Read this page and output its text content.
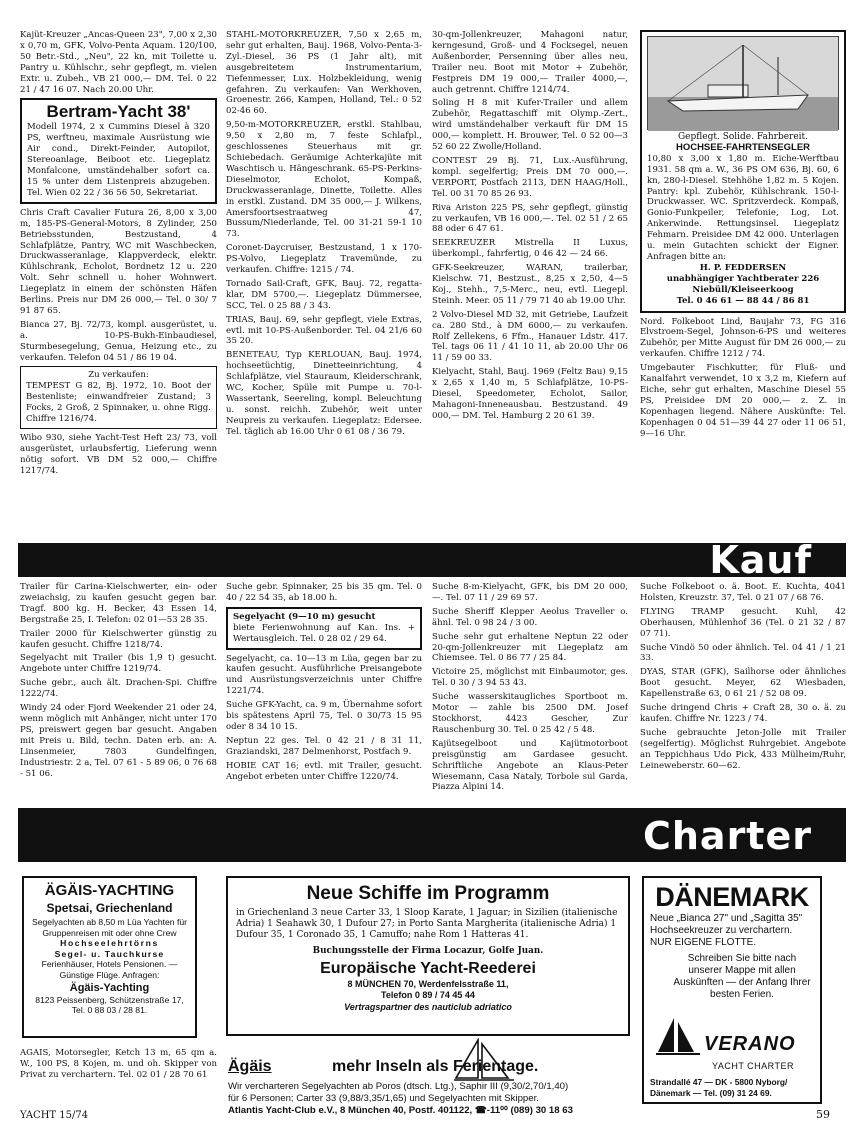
Kajüt-Kreuzer „Ancas-Queen 23", 7,00 x 2,30 x 0,70 m, GFK, Volvo-Penta Aquam. 120/100, 50 Betr.-Std., „Neu", 22 kn, mit Toilette u. Pantry u. Kühlschr., sehr gepflegt, m. vielen Extr. u. Zubeh., VB 21 000,— DM. Tel. 0 22 21 / 47 16 07. Nach 20.00 Uhr.

Bertram-Yacht 38'
Modell 1974, 2 x Cummins Diesel à 320 PS, werftneu, maximale Ausrüstung wie Air cond., Direkt-Feinder, Autopilot, Stereoanlage, Beiboot etc. Liegeplatz Monfalcone, umständehalber sofort ca. 15 % unter dem Listenpreis abzugeben. Tel. Wien 02 22 / 36 56 50, Sekretariat.

Chris Craft Cavalier Futura 26, 8,00 x 3,00 m, 185-PS-General-Motors, 8 Zylinder, 250 Betriebsstunden, Bestzustand, 4 Schlafplätze, Pantry, WC mit Waschbecken, Druckwasseranlage, Klappverdeck, elektr. Kühlschrank, Echolot, Bordnetz 12 u. 220 Volt. Sehr schnell u. hoher Wohnwert. Liegeplatz in einem der schönsten Häfen Berlins. Preis nur DM 26 000,— Tel. 0 30/ 7 91 87 65.

Bianca 27, Bj. 72/73, kompl. ausgerüstet, u. a. 10-PS-Bukh-Einbaudiesel, Sturmbesegelung, Genua, Heizung etc., zu verkaufen. Telefon 04 51 / 86 19 04.

Zu verkaufen:
TEMPEST G 82, Bj. 1972, 10. Boot der Bestenliste; einwandfreier Zustand; 3 Focks, 2 Groß, 2 Spinnaker, u. ohne Rigg. Chiffre 1216/74.

Wibo 930, siehe Yacht-Test Heft 23/ 73, voll ausgerüstet, urlaubsfertig, Lieferung wenn nötig sofort. VB DM 52 000,— Chiffre 1217/74.

STAHL-MOTORKREUZER, 7,50 x 2,65 m, sehr gut erhalten, Bauj. 1968, Volvo-Penta-3-Zyl.-Diesel, 36 PS (1 Jahr alt), mit ausgebreitetem Instrumentarium, Tiefenmesser, Lux. Holzbekleidung, wenig gefahren. Zu verkaufen: Van Werkhoven, Groenestr. 266, Kampen, Holland, Tel.: 0 52 02-46 60.

9,50-m-MOTORKREUZER, erstkl. Stahlbau, 9,50 x 2,80 m, 7 feste Schlafpl., geschlossenes Steuerhaus mit gr. Schiebedach. Geräumige Achterkajüte mit Waschtisch u. Hängeschrank. 65-PS-Perkins-Dieselmotor, Echolot, Kompaß, Druckwasseranlage, Dinette, Toilette. Alles in erstkl. Zustand. DM 35 000,— J. Wilkens, Amersfoortsestraatweg 47, Bussum/Niederlande, Tel. 00 31-21 59-1 10 73.

Coronet-Daycruiser, Bestzustand, 1 x 170-PS-Volvo, Liegeplatz Travemünde, zu verkaufen. Chiffre: 1215 / 74.

Tornado Sail-Craft, GFK, Bauj. 72, regatta-klar, DM 5700,—. Liegeplatz Dümmersee, SCC, Tel. 0 25 88 / 3 43.

TRIAS, Bauj. 69, sehr gepflegt, viele Extras, evtl. mit 10-PS-Außenborder. Tel. 04 21/6 60 35 20.

BENETEAU, Typ KERLOUAN, Bauj. 1974, hochseetüchtig, Dinetteeinrichtung, 4 Schlafplätze, viel Stauraum, Kleiderschrank, WC, Kocher, Spüle mit Pumpe u. 70-l-Wassertank, Seereling, kompl. Beleuchtung u. sonst. reichh. Zubehör, weit unter Neupreis zu verkaufen. Liegeplatz: Edersee. Tel. täglich ab 16.00 Uhr 0 61 08 / 36 79.

30-qm-Jollenkreuzer, Mahagoni natur, kerngesund, Groß- und 4 Focksegel, neuen Außenborder, Persenning über alles neu, Trailer neu. Boot mit Motor + Zubehör, Festpreis DM 19 000,— Trailer 4000,—, auch getrennt. Chiffre 1214/74.

Soling H 8 mit Kufer-Trailer und allem Zubehör, Regattaschiff mit Olymp.-Zert., wird umständehalber verkauft für DM 15 000,— komplett. H. Brouwer, Tel. 0 52 00—3 52 60 22 Zwolle/Holland.

CONTEST 29 Bj. 71, Lux.-Ausführung, kompl. segelfertig; Preis DM 70 000,—. VERPORT, Postfach 2113, DEN HAAG/Holl., Tel. 00 31 70 85 26 93.

Riva Ariston 225 PS, sehr gepflegt, günstig zu verkaufen, VB 16 000,—. Tel. 02 51 / 2 65 88 oder 6 47 61.

SEEKREUZER Mistrella II Luxus, überkompl., fahrfertig, 0 46 42 — 24 66.

GFK-Seekreuzer, WARAN, trailerbar, Kielschw. 71, Bestzust., 8,25 x 2,50, 4—5 Koj., Stehh., 7,5-Merc., neu, evtl. Liegepl. Steinh. Meer. 05 11 / 79 71 40 ab 19.00 Uhr.

2 Volvo-Diesel MD 32, mit Getriebe, Laufzeit ca. 280 Std., à DM 6000,— zu verkaufen. Rolf Zellekens, 6 Ffm., Hanauer Ldstr. 417. Tel. tags 06 11 / 41 10 11, ab 20.00 Uhr 06 11 / 59 00 33.

Kielyacht, Stahl, Bauj. 1969 (Feltz Bau) 9,15 x 2,65 x 1,40 m, 5 Schlafplätze, 10-PS-Diesel, Speedometer, Echolot, Sailor, Mahagoni-Inneneausbau. Bestzustand. 49 000,— DM. Tel. Hamburg 2 20 61 39.

Gepflegt. Solide. Fahrbereit.
HOCHSEE-FAHRTENSEGLER
10,80 x 3,00 x 1,80 m. Eiche-Werftbau 1931. 58 qm a. W., 36 PS OM 636, Bj. 60, 6 kn, 280-l-Diesel. Stehhöhe 1,82 m. 5 Kojen. Pantry: kpl. Zubehör, Kühlschrank. 150-l-Druckwasser. WC. Spritzverdeck. Kompaß, Gonio-Funkpeiler, Telefonie, Log, Lot. Ankerwinde. Rettungsinsel. Liegeplatz Fehmarn. Preisidee DM 42 000. Unterlagen u. mein Gutachten schickt der Eigner. Anfragen bitte an:
H. P. FEDDERSEN
unabhängiger Yachtberater 226 Niebüll/Kleiseerkoog
Tel. 0 46 61 — 88 44 / 86 81

Nord. Folkeboot Lind, Baujahr 73, FG 316 Elvstroem-Segel, Johnson-6-PS und weiteres Zubehör, per Mitte August für DM 26 000,— zu verkaufen. Chiffre 1212 / 74.

Umgebauter Fischkutter, für Fluß- und Kanalfahrt verwendet, 10 x 3,2 m, Kiefern auf Eiche, sehr gut erhalten, Maschine Diesel 55 PS, Preisidee DM 20 000,— z. Z. in Kopenhagen liegend. Nähere Auskünfte: Tel. Kopenhagen 0 04 51—39 44 27 oder 11 06 51, 9—16 Uhr.

Kauf

Trailer für Carina-Kielschwerter, ein- oder zweiachsig, zu kaufen gesucht gegen bar. Tragf. 800 kg. H. Becker, 43 Essen 14, Bergstraße 25, I. Telefon: 02 01—53 28 35.

Trailer 2000 für Kielschwerter günstig zu kaufen gesucht. Chiffre 1218/74.

Segelyacht mit Trailer (bis 1,9 t) gesucht. Angebote unter Chiffre 1219/74.

Suche gebr., auch ält. Drachen-Spi. Chiffre 1222/74.

Windy 24 oder Fjord Weekender 21 oder 24, wenn möglich mit Anhänger, nicht unter 170 PS, preiswert gegen bar gesucht. Angaben mit Preis u. Bild, techn. Daten erb. an: A. Linsenmeier, 7803 Gundelfingen, Industriestr. 2 a, Tel. 07 61 - 5 89 06, 0 76 68 - 51 06.

Suche gebr. Spinnaker, 25 bis 35 qm. Tel. 0 40 / 22 54 35, ab 18.00 h.

Segelyacht (9—10 m) gesucht
bietе Ferienwohnung auf Kan. Ins. + Wertausgleich. Tel. 0 28 02 / 29 64.

Segelyacht, ca. 10—13 m Lüa, gegen bar zu kaufen gesucht. Ausführliche Preisangebote und Ausrüstungsverzeichnis unter Chiffre 1221/74.

Suche GFK-Yacht, ca. 9 m, Übernahme sofort bis spätestens April 75, Tel. 0 30/73 15 95 oder 8 34 10 15.

Neptun 22 ges. Tel. 0 42 21 / 8 31 11, Graziandski, 287 Delmenhorst, Postfach 9.

HOBIE CAT 16; evtl. mit Trailer, gesucht. Angebot erbeten unter Chiffre 1220/74.

Suche 8-m-Kielyacht, GFK, bis DM 20 000,—. Tel. 07 11 / 29 69 57.

Suche Sheriff Klepper Aeolus Traveller o. ähnl. Tel. 0 98 24 / 3 00.

Suche sehr gut erhaltene Neptun 22 oder 20-qm-Jollenkreuzer mit Liegeplatz am Chiemsee. Tel. 0 86 77 / 25 84.

Victoire 25, möglichst mit Einbaumotor, ges. Tel. 0 30 / 3 94 53 43.

Suche wasserskitaugliches Sportboot m. Motor — zahle bis 2500 DM. Josef Stockhorst, 4423 Gescher, Zur Rauschenburg 30. Tel. 0 25 42 / 5 48.

Kajütsegelboot und Kajütmotorboot preisgünstig am Gardasee gesucht. Schriftliche Angebote an Klaus-Peter Wiesemann, Casa Nataly, Torbole sul Garda, Piazza Alpini 14.

Suche Folkeboot o. ä. Boot. E. Kuchta, 4041 Holsten, Kreuzstr. 37, Tel. 0 21 07 / 68 76.

FLYING TRAMP gesucht. Kuhl, 42 Oberhausen, Mühlenhof 36 (Tel. 0 21 32 / 87 07 71).

Suche Vindö 50 oder ähnlich. Tel. 04 41 / 1 21 33.

DYAS, STAR (GFK), Sailhorse oder ähnliches Boot gesucht. Meyer, 62 Wiesbaden, Kapellenstraße 63, 0 61 21 / 52 08 09.

Suche dringend Chris + Craft 28, 30 o. ä. zu kaufen. Chiffre Nr. 1223 / 74.

Suche gebrauchte Jeton-Jolle mit Trailer (segelfertig). Möglichst Ruhrgebiet. Angebote an Teppichhaus Udo Pick, 433 Mülheim/Ruhr, Leineweberstr. 60—62.

Charter
ÄGÄIS-YACHTING
Spetsai, Griechenland
Segelyachten ab 8,50 m Lüa Yachten für Gruppenreisen mit oder ohne Crew
Hochseelehrtörns
Segel- u. Tauchkurse
Ferienhäuser, Hotels Pensionen. — Günstige Flüge. Anfragen:
Ägäis-Yachting
8123 Peissenberg, Schützenstraße 17, Tel. 0 88 03 / 28 81.

ÄGÄIS, Motorsegler, Ketch 13 m, 65 qm a. W., 100 PS, 8 Kojen, m. und oh. Skipper von Privat zu verchartern. Tel. 02 01 / 28 70 61

Neue Schiffe im Programm
in Griechenland 3 neue Carter 33, 1 Sloop Karate, 1 Jaguar; in Sizilien (italienische Adria) 1 Seahawk 30, 1 Dufour 27; in Porto Santa Margherita (italienische Adria) 1 Dufour 35, 1 Coronado 35, 1 Camuffo; nahe Rom 1 Hatteras 41.
Buchungsstelle der Firma Locazur, Golfe Juan.
Europäische Yacht-Reederei
8 MÜNCHEN 70, Werdenfelsstraße 11,
Telefon 0 89 / 74 45 44
Vertragspartner des nauticlub adriatico
Ägäis	mehr Inseln als Ferientage.
Wir vercharteren Segelyachten ab Poros (dtsch. Ltg.), Saphir III (9,30/2,70/1,40)
für 6 Personen; Carter 33 (9,88/3,35/1,65) und Segelyachten mit Skipper.
Atlantis Yacht-Club e.V., 8 München 40, Postf. 401122, ☎-11⁰⁰ (089) 30 18 63
DÄNEMARK
Neue „Bianca 27" und „Sagitta 35" Hochseekreuzer zu verchartern. NUR EIGENE FLOTTE.
Schreiben Sie bitte nach unserer Mappe mit allen Auskünften — der Anfang Ihrer besten Ferien.
VERANO
YACHT CHARTER
Strandallé 47 — DK - 5800 Nyborg/
Dänemark — Tel. (09) 31 24 69.
YACHT 15/74	59
